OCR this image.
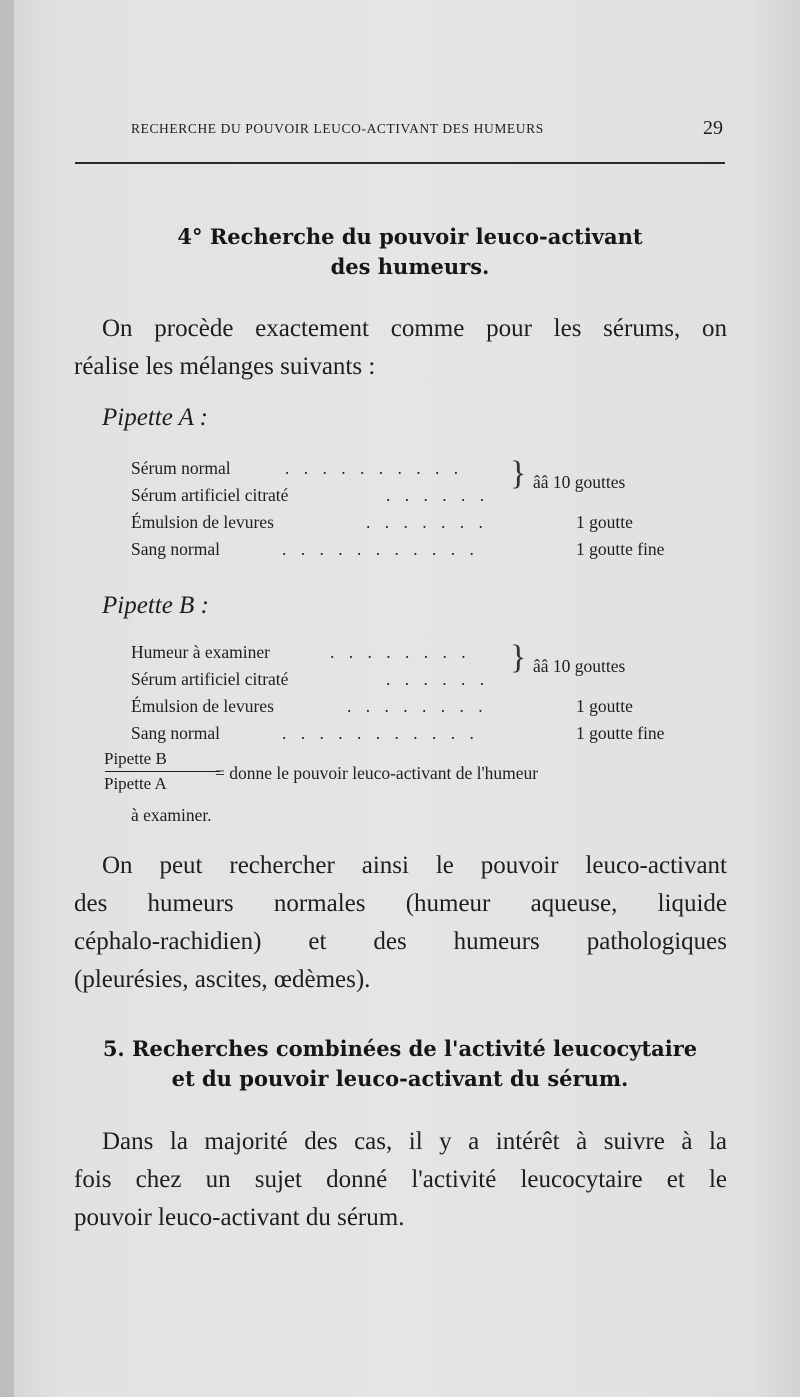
RECHERCHE DU POUVOIR LEUCO-ACTIVANT DES HUMEURS	29
4° Recherche du pouvoir leuco-activant
des humeurs.
On procède exactement comme pour les sérums, on
réalise les mélanges suivants :
Pipette A :
Sérum normal	. . . . . . . . . .
Sérum artificiel citraté	. . . . . .
} ââ 10 gouttes
Émulsion de levures	. . . . . . .	1 goutte
Sang normal	. . . . . . . . . . .	1 goutte fine
Pipette B :
Humeur à examiner	. . . . . . . .
Sérum artificiel citraté	. . . . . .
} ââ 10 gouttes
Émulsion de levures	. . . . . . . .	1 goutte
Sang normal	. . . . . . . . . . .	1 goutte fine
Pipette B
Pipette A
= donne le pouvoir leuco-activant de l'humeur
à examiner.
On peut rechercher ainsi le pouvoir leuco-activant
des humeurs normales (humeur aqueuse, liquide
céphalo-rachidien) et des humeurs pathologiques
(pleurésies, ascites, œdèmes).
5. Recherches combinées de l'activité leucocytaire
et du pouvoir leuco-activant du sérum.
Dans la majorité des cas, il y a intérêt à suivre à la
fois chez un sujet donné l'activité leucocytaire et le
pouvoir leuco-activant du sérum.
